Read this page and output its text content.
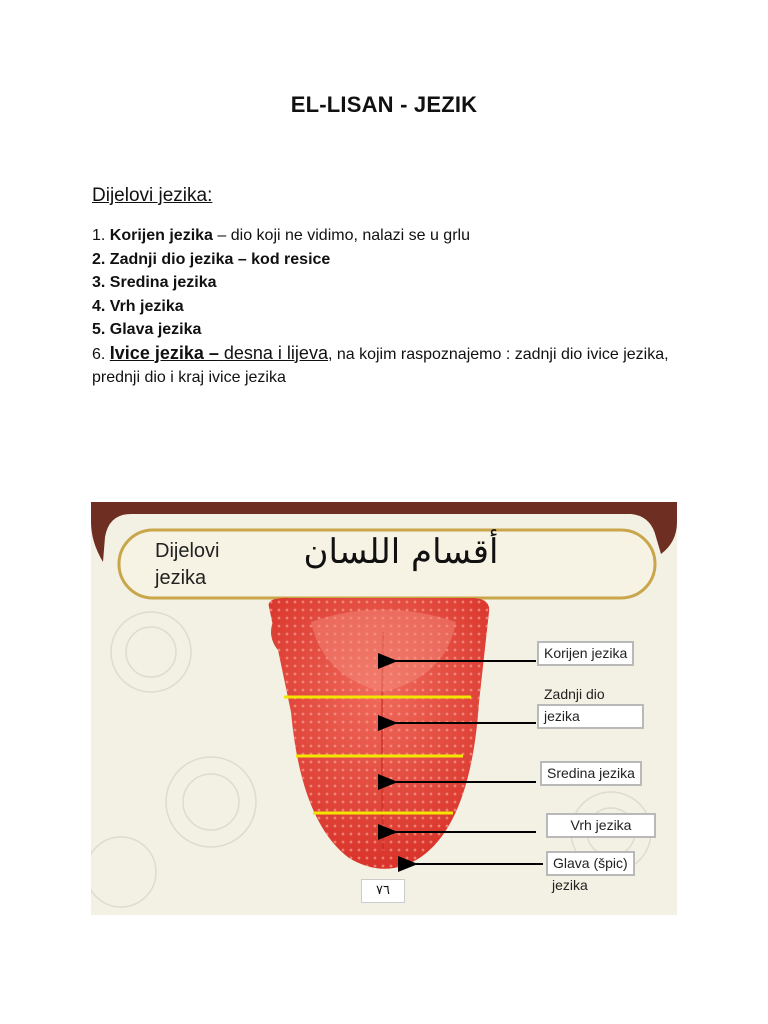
EL-LISAN - JEZIK
Dijelovi jezika:
1. Korijen jezika – dio koji ne vidimo, nalazi se u grlu
2. Zadnji dio jezika – kod resice
3. Sredina jezika
4. Vrh jezika
5. Glava jezika
6. Ivice jezika – desna i lijeva, na kojim raspoznajemo : zadnji dio ivice jezika, prednji dio i kraj ivice jezika
Dijelovi
jezika
أقسام اللسان
Korijen jezika
Zadnji dio
jezika
Sredina jezika
Vrh jezika
Glava (špic)
jezika
٧٦
